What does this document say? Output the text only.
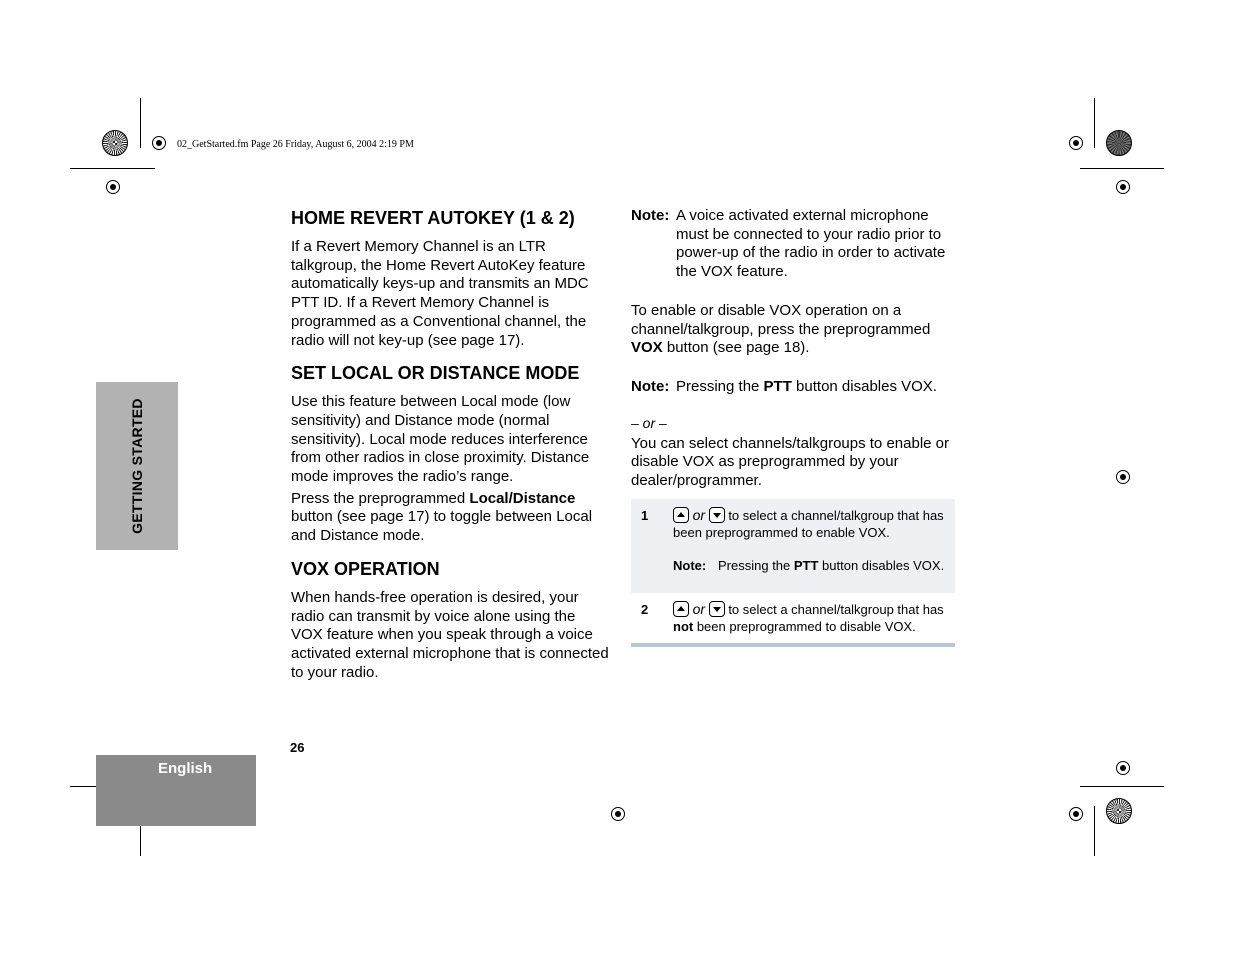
02_GetStarted.fm Page 26 Friday, August 6, 2004 2:19 PM
GETTING STARTED
English
26
HOME REVERT AUTOKEY (1 & 2)

If a Revert Memory Channel is an LTR talkgroup, the Home Revert AutoKey feature automatically keys-up and transmits an MDC PTT ID. If a Revert Memory Channel is programmed as a Conventional channel, the radio will not key-up (see page 17).

SET LOCAL OR DISTANCE MODE

Use this feature between Local mode (low sensitivity) and Distance mode (normal sensitivity). Local mode reduces interference from other radios in close proximity. Distance mode improves the radio’s range.

Press the preprogrammed Local/Distance button (see page 17) to toggle between Local and Distance mode.

VOX OPERATION

When hands-free operation is desired, your radio can transmit by voice alone using the VOX feature when you speak through a voice activated external microphone that is connected to your radio.

Note: A voice activated external microphone must be connected to your radio prior to power-up of the radio in order to activate the VOX feature.

To enable or disable VOX operation on a channel/talkgroup, press the preprogrammed VOX button (see page 18).

Note: Pressing the PTT button disables VOX.
– or –

You can select channels/talkgroups to enable or disable VOX as preprogrammed by your dealer/programmer.

1	or  to select a channel/talkgroup that has been preprogrammed to enable VOX.
Note: Pressing the PTT button disables VOX.
2	or  to select a channel/talkgroup that has not been preprogrammed to disable VOX.
